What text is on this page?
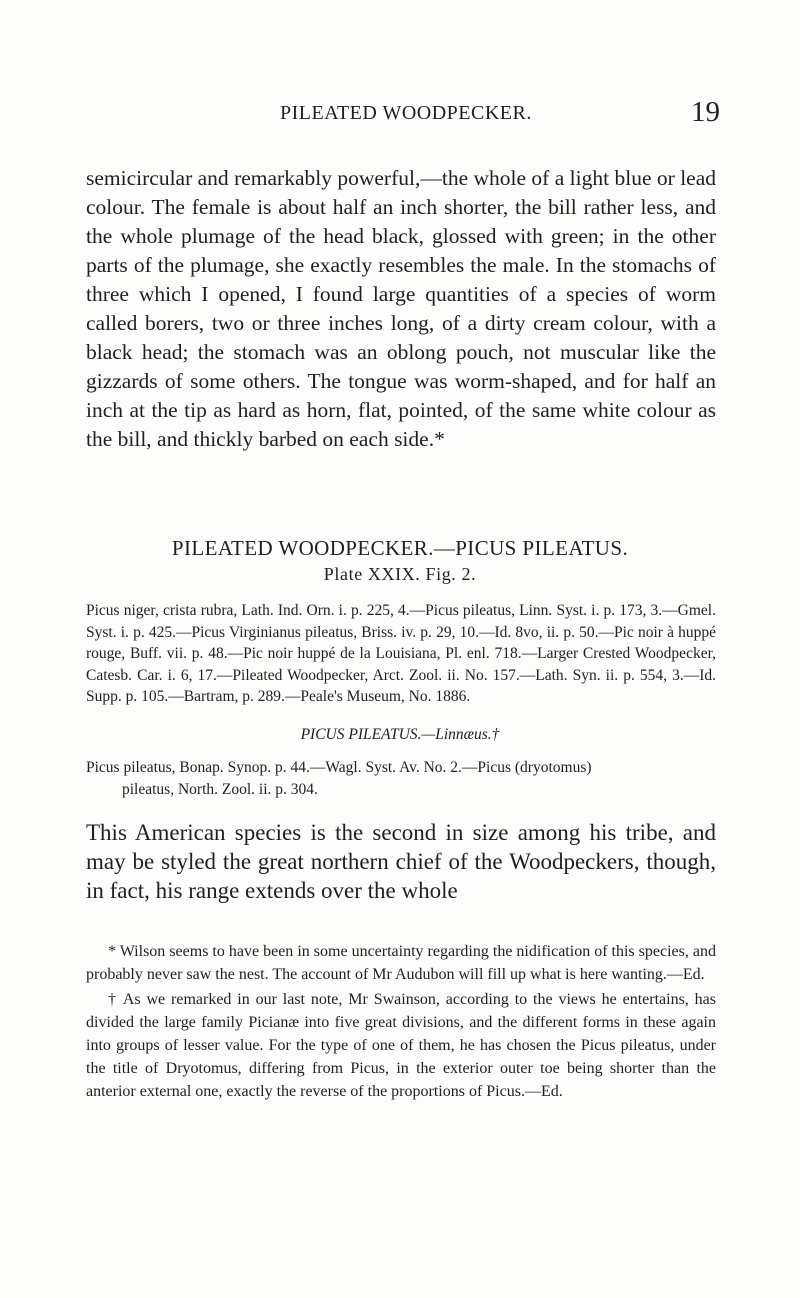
PILEATED WOODPECKER.	19

semicircular and remarkably powerful,—the whole of a light blue or lead colour. The female is about half an inch shorter, the bill rather less, and the whole plumage of the head black, glossed with green; in the other parts of the plumage, she exactly resembles the male. In the stomachs of three which I opened, I found large quantities of a species of worm called borers, two or three inches long, of a dirty cream colour, with a black head; the stomach was an oblong pouch, not muscular like the gizzards of some others. The tongue was worm-shaped, and for half an inch at the tip as hard as horn, flat, pointed, of the same white colour as the bill, and thickly barbed on each side.*

PILEATED WOODPECKER.—PICUS PILEATUS.
Plate XXIX. Fig. 2.

Picus niger, crista rubra, Lath. Ind. Orn. i. p. 225, 4.—Picus pileatus, Linn. Syst. i. p. 173, 3.—Gmel. Syst. i. p. 425.—Picus Virginianus pileatus, Briss. iv. p. 29, 10.—Id. 8vo, ii. p. 50.—Pic noir à huppé rouge, Buff. vii. p. 48.—Pic noir huppé de la Louisiana, Pl. enl. 718.—Larger Crested Woodpecker, Catesb. Car. i. 6, 17.—Pileated Woodpecker, Arct. Zool. ii. No. 157.—Lath. Syn. ii. p. 554, 3.—Id. Supp. p. 105.—Bartram, p. 289.—Peale's Museum, No. 1886.

PICUS PILEATUS.—Linnæus.†
Picus pileatus, Bonap. Synop. p. 44.—Wagl. Syst. Av. No. 2.—Picus (dryotomus)
pileatus, North. Zool. ii. p. 304.

This American species is the second in size among his tribe, and may be styled the great northern chief of the Woodpeckers, though, in fact, his range extends over the whole

* Wilson seems to have been in some uncertainty regarding the nidification of this species, and probably never saw the nest. The account of Mr Audubon will fill up what is here wanting.—Ed.

† As we remarked in our last note, Mr Swainson, according to the views he entertains, has divided the large family Picianæ into five great divisions, and the different forms in these again into groups of lesser value. For the type of one of them, he has chosen the Picus pileatus, under the title of Dryotomus, differing from Picus, in the exterior outer toe being shorter than the anterior external one, exactly the reverse of the proportions of Picus.—Ed.
